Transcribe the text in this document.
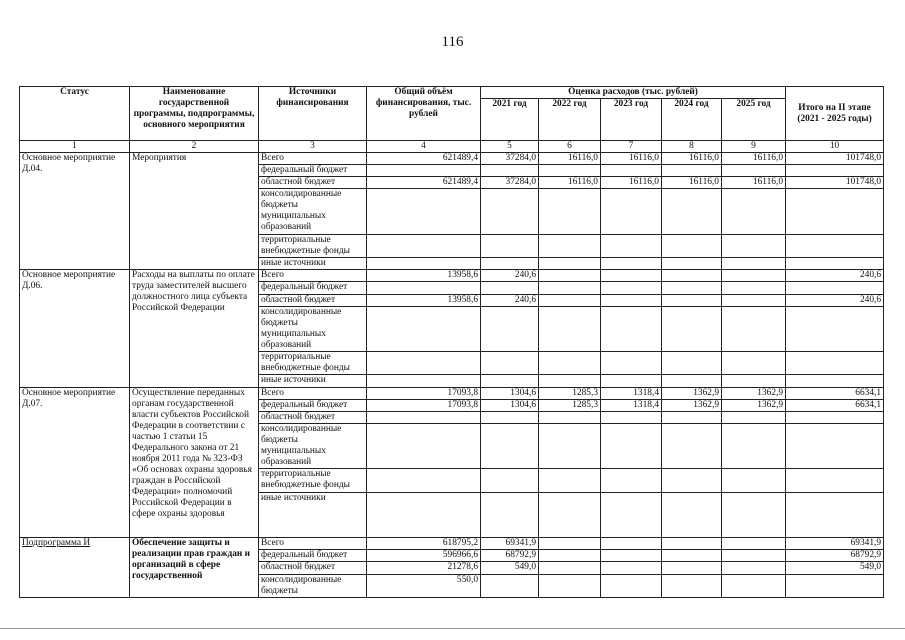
116
Статус	Наименование государственной программы, подпрограммы, основного мероприятия	Источники финансирования	Общий объём финансирования, тыс. рублей	Оценка расходов (тыс. рублей)					Итого на II этапе (2021 - 2025 годы)
				2021 год	2022 год	2023 год	2024 год	2025 год	
1	2	3	4	5	6	7	8	9	10
Основное мероприятие Д.04.	Мероприятия	Всего	621489,4	37284,0	16116,0	16116,0	16116,0	16116,0	101748,0
		федеральный бюджет							
		областной бюджет	621489,4	37284,0	16116,0	16116,0	16116,0	16116,0	101748,0
		консолидированные бюджеты муниципальных образований							
		территориальные внебюджетные фонды							
		иные источники							
Основное мероприятие Д.06.	Расходы на выплаты по оплате труда заместителей высшего должностного лица субъекта Российской Федерации	Всего	13958,6	240,6					240,6
		федеральный бюджет							
		областной бюджет	13958,6	240,6					240,6
		консолидированные бюджеты муниципальных образований							
		территориальные внебюджетные фонды							
		иные источники							
Основное мероприятие Д.07.	Осуществление переданных органам государственной власти субъектов Российской Федерации в соответствии с частью 1 статьи 15 Федерального закона от 21 ноября 2011 года № 323-ФЗ «Об основах охраны здоровья граждан в Российской Федерации» полномочий Российской Федерации в сфере охраны здоровья	Всего	17093,8	1304,6	1285,3	1318,4	1362,9	1362,9	6634,1
		федеральный бюджет	17093,8	1304,6	1285,3	1318,4	1362,9	1362,9	6634,1
		областной бюджет							
		консолидированные бюджеты муниципальных образований							
		территориальные внебюджетные фонды							
		иные источники							
Подпрограмма И	Обеспечение защиты и реализации прав граждан и организаций в сфере государственной	Всего	618795,2	69341,9					69341,9
		федеральный бюджет	596966,6	68792,9					68792,9
		областной бюджет	21278,6	549,0					549,0
		консолидированные бюджеты	550,0						
